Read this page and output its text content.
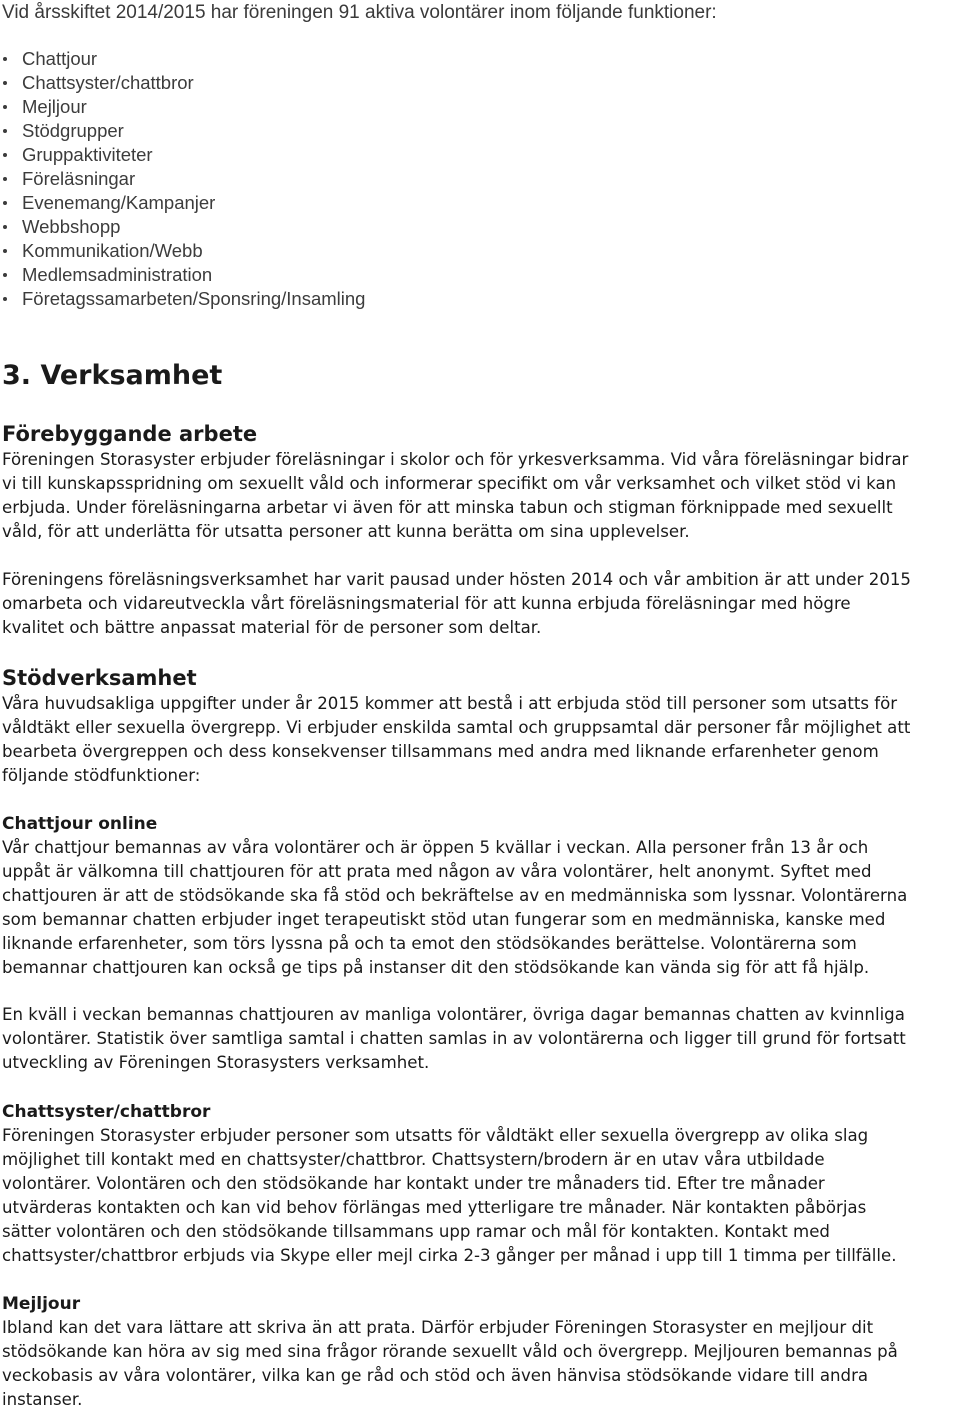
Vid årsskiftet 2014/2015 har föreningen 91 aktiva volontärer inom följande funktioner:
Chattjour
Chattsyster/chattbror
Mejljour
Stödgrupper
Gruppaktiviteter
Föreläsningar
Evenemang/Kampanjer
Webbshopp
Kommunikation/Webb
Medlemsadministration
Företagssamarbeten/Sponsring/Insamling
3. Verksamhet
Förebyggande arbete
Föreningen Storasyster erbjuder föreläsningar i skolor och för yrkesverksamma. Vid våra föreläsningar bidrar
vi till kunskapsspridning om sexuellt våld och informerar specifikt om vår verksamhet och vilket stöd vi kan
erbjuda. Under föreläsningarna arbetar vi även för att minska tabun och stigman förknippade med sexuellt
våld, för att underlätta för utsatta personer att kunna berätta om sina upplevelser.
Föreningens föreläsningsverksamhet har varit pausad under hösten 2014 och vår ambition är att under 2015
omarbeta och vidareutveckla vårt föreläsningsmaterial för att kunna erbjuda föreläsningar med högre
kvalitet och bättre anpassat material för de personer som deltar.
Stödverksamhet
Våra huvudsakliga uppgifter under år 2015 kommer att bestå i att erbjuda stöd till personer som utsatts för
våldtäkt eller sexuella övergrepp. Vi erbjuder enskilda samtal och gruppsamtal där personer får möjlighet att
bearbeta övergreppen och dess konsekvenser tillsammans med andra med liknande erfarenheter genom
följande stödfunktioner:
Chattjour online
Vår chattjour bemannas av våra volontärer och är öppen 5 kvällar i veckan. Alla personer från 13 år och
uppåt är välkomna till chattjouren för att prata med någon av våra volontärer, helt anonymt. Syftet med
chattjouren är att de stödsökande ska få stöd och bekräftelse av en medmänniska som lyssnar. Volontärerna
som bemannar chatten erbjuder inget terapeutiskt stöd utan fungerar som en medmänniska, kanske med
liknande erfarenheter, som törs lyssna på och ta emot den stödsökandes berättelse. Volontärerna som
bemannar chattjouren kan också ge tips på instanser dit den stödsökande kan vända sig för att få hjälp.
En kväll i veckan bemannas chattjouren av manliga volontärer, övriga dagar bemannas chatten av kvinnliga
volontärer. Statistik över samtliga samtal i chatten samlas in av volontärerna och ligger till grund för fortsatt
utveckling av Föreningen Storasysters verksamhet.
Chattsyster/chattbror
Föreningen Storasyster erbjuder personer som utsatts för våldtäkt eller sexuella övergrepp av olika slag
möjlighet till kontakt med en chattsyster/chattbror. Chattsystern/brodern är en utav våra utbildade
volontärer. Volontären och den stödsökande har kontakt under tre månaders tid. Efter tre månader
utvärderas kontakten och kan vid behov förlängas med ytterligare tre månader. När kontakten påbörjas
sätter volontären och den stödsökande tillsammans upp ramar och mål för kontakten. Kontakt med
chattsyster/chattbror erbjuds via Skype eller mejl cirka 2-3 gånger per månad i upp till 1 timma per tillfälle.
Mejljour
Ibland kan det vara lättare att skriva än att prata. Därför erbjuder Föreningen Storasyster en mejljour dit
stödsökande kan höra av sig med sina frågor rörande sexuellt våld och övergrepp. Mejljouren bemannas på
veckobasis av våra volontärer, vilka kan ge råd och stöd och även hänvisa stödsökande vidare till andra
instanser.
